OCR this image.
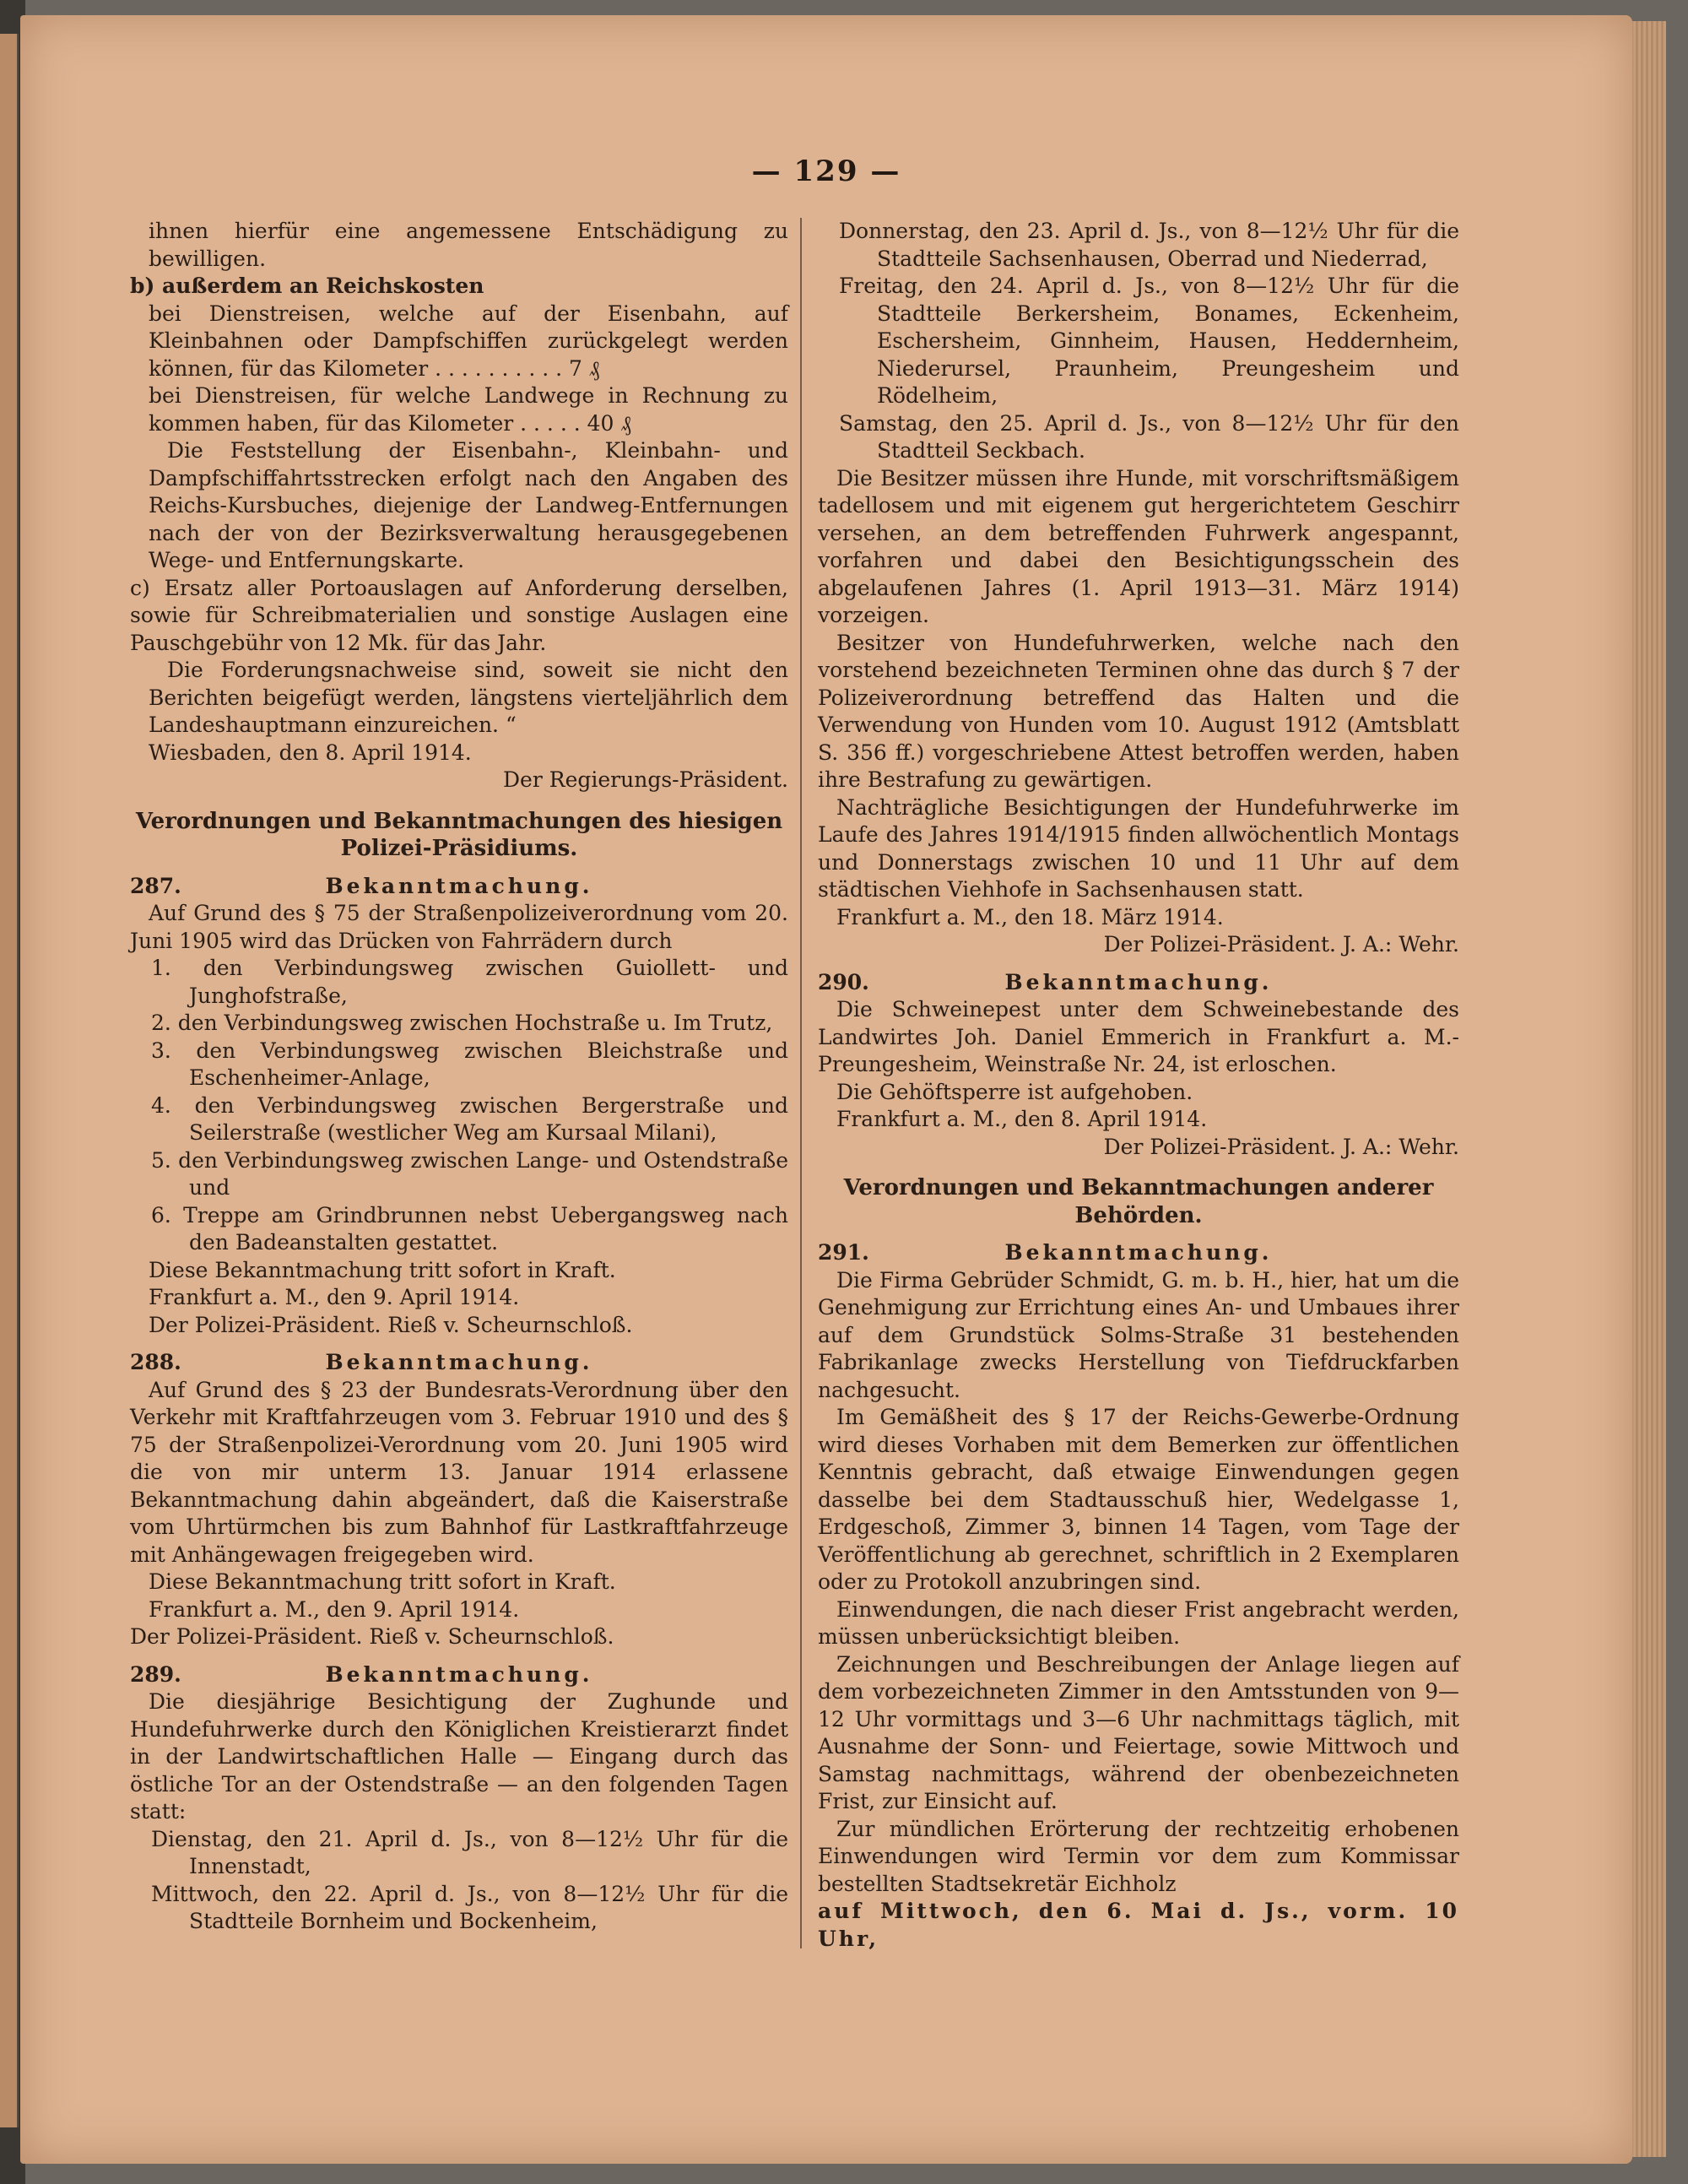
— 129 —

ihnen hierfür eine angemessene Entschädigung zu bewilligen.

b) außerdem an Reichskosten

bei Dienstreisen, welche auf der Eisenbahn, auf Kleinbahnen oder Dampfschiffen zurückgelegt werden können, für das Kilometer . . . . . . . . . . 7 ₰

bei Dienstreisen, für welche Landwege in Rechnung zu kommen haben, für das Kilometer . . . . . 40 ₰

Die Feststellung der Eisenbahn-, Kleinbahn- und Dampfschiffahrtsstrecken erfolgt nach den Angaben des Reichs-Kursbuches, diejenige der Landweg-Entfernungen nach der von der Bezirksverwaltung herausgegebenen Wege- und Entfernungskarte.

c) Ersatz aller Portoauslagen auf Anforderung derselben, sowie für Schreibmaterialien und sonstige Auslagen eine Pauschgebühr von 12 Mk. für das Jahr.

Die Forderungsnachweise sind, soweit sie nicht den Berichten beigefügt werden, längstens vierteljährlich dem Landeshauptmann einzureichen. “

Wiesbaden, den 8. April 1914.

Der Regierungs-Präsident.

Verordnungen und Bekanntmachungen des hiesigen Polizei-Präsidiums.

287.	Bekanntmachung.

Auf Grund des § 75 der Straßenpolizeiverordnung vom 20. Juni 1905 wird das Drücken von Fahrrädern durch

1. den Verbindungsweg zwischen Guiollett- und Junghofstraße,

2. den Verbindungsweg zwischen Hochstraße u. Im Trutz,

3. den Verbindungsweg zwischen Bleichstraße und Eschenheimer-Anlage,

4. den Verbindungsweg zwischen Bergerstraße und Seilerstraße (westlicher Weg am Kursaal Milani),

5. den Verbindungsweg zwischen Lange- und Ostendstraße und

6. Treppe am Grindbrunnen nebst Uebergangsweg nach den Badeanstalten gestattet.

Diese Bekanntmachung tritt sofort in Kraft.

Frankfurt a. M., den 9. April 1914.

Der Polizei-Präsident. Rieß v. Scheurnschloß.

288.	Bekanntmachung.

Auf Grund des § 23 der Bundesrats-Verordnung über den Verkehr mit Kraftfahrzeugen vom 3. Februar 1910 und des § 75 der Straßenpolizei-Verordnung vom 20. Juni 1905 wird die von mir unterm 13. Januar 1914 erlassene Bekanntmachung dahin abgeändert, daß die Kaiserstraße vom Uhrtürmchen bis zum Bahnhof für Lastkraftfahrzeuge mit Anhängewagen freigegeben wird.

Diese Bekanntmachung tritt sofort in Kraft.

Frankfurt a. M., den 9. April 1914.

Der Polizei-Präsident. Rieß v. Scheurnschloß.

289.	Bekanntmachung.

Die diesjährige Besichtigung der Zughunde und Hundefuhrwerke durch den Königlichen Kreistierarzt findet in der Landwirtschaftlichen Halle — Eingang durch das östliche Tor an der Ostendstraße — an den folgenden Tagen statt:

Dienstag, den 21. April d. Js., von 8—12½ Uhr für die Innenstadt,

Mittwoch, den 22. April d. Js., von 8—12½ Uhr für die Stadtteile Bornheim und Bockenheim,

Donnerstag, den 23. April d. Js., von 8—12½ Uhr für die Stadtteile Sachsenhausen, Oberrad und Niederrad,

Freitag, den 24. April d. Js., von 8—12½ Uhr für die Stadtteile Berkersheim, Bonames, Eckenheim, Eschersheim, Ginnheim, Hausen, Heddernheim, Niederursel, Praunheim, Preungesheim und Rödelheim,

Samstag, den 25. April d. Js., von 8—12½ Uhr für den Stadtteil Seckbach.

Die Besitzer müssen ihre Hunde, mit vorschriftsmäßigem tadellosem und mit eigenem gut hergerichtetem Geschirr versehen, an dem betreffenden Fuhrwerk angespannt, vorfahren und dabei den Besichtigungsschein des abgelaufenen Jahres (1. April 1913—31. März 1914) vorzeigen.

Besitzer von Hundefuhrwerken, welche nach den vorstehend bezeichneten Terminen ohne das durch § 7 der Polizeiverordnung betreffend das Halten und die Verwendung von Hunden vom 10. August 1912 (Amtsblatt S. 356 ff.) vorgeschriebene Attest betroffen werden, haben ihre Bestrafung zu gewärtigen.

Nachträgliche Besichtigungen der Hundefuhrwerke im Laufe des Jahres 1914/1915 finden allwöchentlich Montags und Donnerstags zwischen 10 und 11 Uhr auf dem städtischen Viehhofe in Sachsenhausen statt.

Frankfurt a. M., den 18. März 1914.

Der Polizei-Präsident. J. A.: Wehr.

290.	Bekanntmachung.

Die Schweinepest unter dem Schweinebestande des Landwirtes Joh. Daniel Emmerich in Frankfurt a. M.-Preungesheim, Weinstraße Nr. 24, ist erloschen.

Die Gehöftsperre ist aufgehoben.

Frankfurt a. M., den 8. April 1914.

Der Polizei-Präsident. J. A.: Wehr.

Verordnungen und Bekanntmachungen anderer Behörden.

291.	Bekanntmachung.

Die Firma Gebrüder Schmidt, G. m. b. H., hier, hat um die Genehmigung zur Errichtung eines An- und Umbaues ihrer auf dem Grundstück Solms-Straße 31 bestehenden Fabrikanlage zwecks Herstellung von Tiefdruckfarben nachgesucht.

Im Gemäßheit des § 17 der Reichs-Gewerbe-Ordnung wird dieses Vorhaben mit dem Bemerken zur öffentlichen Kenntnis gebracht, daß etwaige Einwendungen gegen dasselbe bei dem Stadtausschuß hier, Wedelgasse 1, Erdgeschoß, Zimmer 3, binnen 14 Tagen, vom Tage der Veröffentlichung ab gerechnet, schriftlich in 2 Exemplaren oder zu Protokoll anzubringen sind.

Einwendungen, die nach dieser Frist angebracht werden, müssen unberücksichtigt bleiben.

Zeichnungen und Beschreibungen der Anlage liegen auf dem vorbezeichneten Zimmer in den Amtsstunden von 9—12 Uhr vormittags und 3—6 Uhr nachmittags täglich, mit Ausnahme der Sonn- und Feiertage, sowie Mittwoch und Samstag nachmittags, während der obenbezeichneten Frist, zur Einsicht auf.

Zur mündlichen Erörterung der rechtzeitig erhobenen Einwendungen wird Termin vor dem zum Kommissar bestellten Stadtsekretär Eichholz

auf Mittwoch, den 6. Mai d. Js., vorm. 10 Uhr,
